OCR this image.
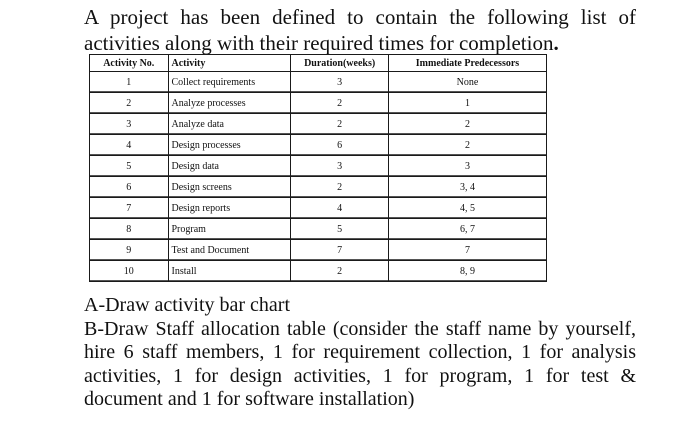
A project has been defined to contain the following list of activities along with their required times for completion.
Activity No.	Activity	Duration(weeks)	Immediate Predecessors
1	Collect requirements	3	None
2	Analyze processes	2	1
3	Analyze data	2	2
4	Design processes	6	2
5	Design data	3	3
6	Design screens	2	3, 4
7	Design reports	4	4, 5
8	Program	5	6, 7
9	Test and Document	7	7
10	Install	2	8, 9

A-Draw activity bar chart

B-Draw Staff allocation table (consider the staff name by yourself, hire 6 staff members, 1 for requirement collection, 1 for analysis activities, 1 for design activities, 1 for program, 1 for test & document and 1 for software installation)
